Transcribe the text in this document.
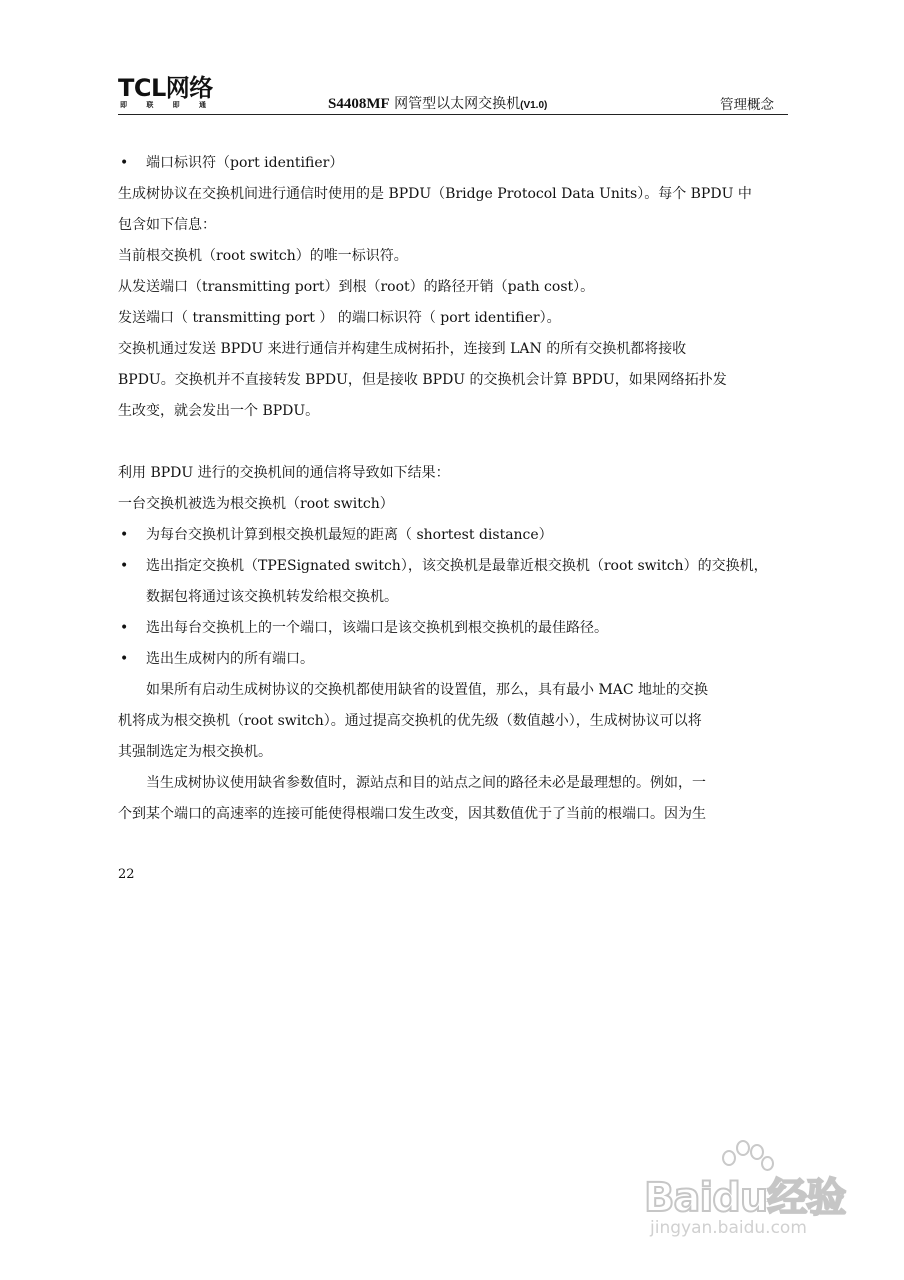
TCL网络
即	联	即	通	S4408MF 网管型以太网交换机(V1.0)	管理概念
• 端口标识符（port identifier）
生成树协议在交换机间进行通信时使用的是 BPDU（Bridge Protocol Data Units）。每个 BPDU 中
包含如下信息：
当前根交换机（root switch）的唯一标识符。
从发送端口（transmitting port）到根（root）的路径开销（path cost）。
发送端口（ transmitting port ） 的端口标识符（ port identifier）。
交换机通过发送 BPDU 来进行通信并构建生成树拓扑，连接到 LAN 的所有交换机都将接收
BPDU。交换机并不直接转发 BPDU，但是接收 BPDU 的交换机会计算 BPDU，如果网络拓扑发
生改变，就会发出一个 BPDU。
利用 BPDU 进行的交换机间的通信将导致如下结果：
一台交换机被选为根交换机（root switch）
• 为每台交换机计算到根交换机最短的距离（ shortest distance）
• 选出指定交换机（TPESignated switch），该交换机是最靠近根交换机（root switch）的交换机，
数据包将通过该交换机转发给根交换机。
• 选出每台交换机上的一个端口，该端口是该交换机到根交换机的最佳路径。
• 选出生成树内的所有端口。
如果所有启动生成树协议的交换机都使用缺省的设置值，那么，具有最小 MAC 地址的交换
机将成为根交换机（root switch）。通过提高交换机的优先级（数值越小），生成树协议可以将
其强制选定为根交换机。
当生成树协议使用缺省参数值时，源站点和目的站点之间的路径未必是最理想的。例如，一
个到某个端口的高速率的连接可能使得根端口发生改变，因其数值优于了当前的根端口。因为生
22
Baidu经验
jingyan.baidu.com
